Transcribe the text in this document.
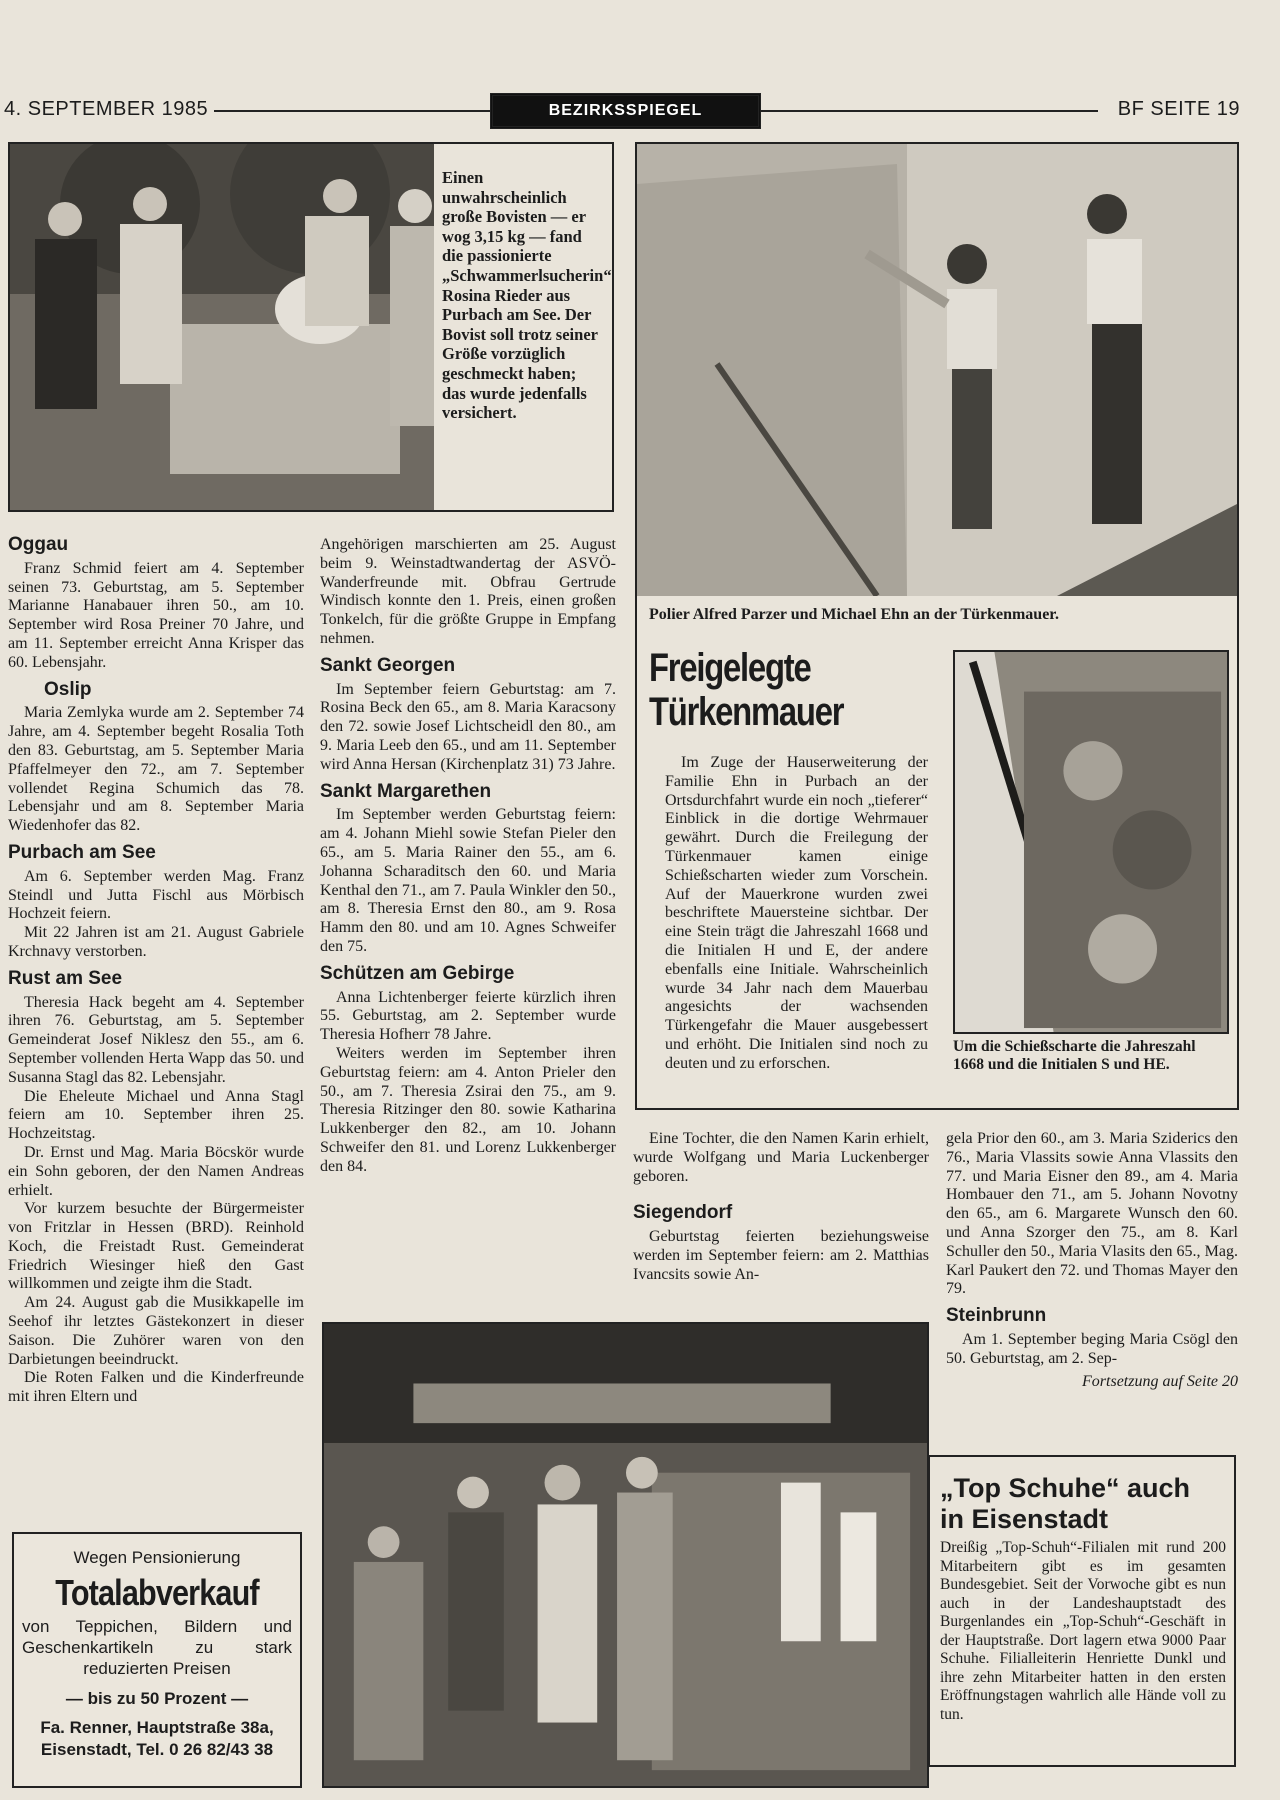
4. SEPTEMBER 1985	BEZIRKSSPIEGEL	BF SEITE 19
Einen unwahrscheinlich große Bovisten — er wog 3,15 kg — fand die passionierte „Schwammerlsucherin“ Rosina Rieder aus Purbach am See. Der Bovist soll trotz seiner Größe vorzüglich geschmeckt haben; das wurde jedenfalls versichert.
Polier Alfred Parzer und Michael Ehn an der Türkenmauer.
Freigelegte
Türkenmauer

Im Zuge der Hauserweiterung der Familie Ehn in Purbach an der Ortsdurchfahrt wurde ein noch „tieferer“ Einblick in die dortige Wehrmauer gewährt. Durch die Freilegung der Türkenmauer kamen einige Schießscharten wieder zum Vorschein. Auf der Mauerkrone wurden zwei beschriftete Mauersteine sichtbar. Der eine Stein trägt die Jahreszahl 1668 und die Initialen H und E, der andere ebenfalls eine Initiale. Wahrscheinlich wurde 34 Jahr nach dem Mauerbau angesichts der wachsenden Türkengefahr die Mauer ausgebessert und erhöht. Die Initialen sind noch zu deuten und zu erforschen.

Um die Schießscharte die Jahreszahl 1668 und die Initialen S und HE.
Oggau

Franz Schmid feiert am 4. September seinen 73. Geburtstag, am 5. September Marianne Hanabauer ihren 50., am 10. September wird Rosa Preiner 70 Jahre, und am 11. September erreicht Anna Krisper das 60. Lebensjahr.

Oslip

Maria Zemlyka wurde am 2. September 74 Jahre, am 4. September begeht Rosalia Toth den 83. Geburtstag, am 5. September Maria Pfaffelmeyer den 72., am 7. September vollendet Regina Schumich das 78. Lebensjahr und am 8. September Maria Wiedenhofer das 82.

Purbach am See

Am 6. September werden Mag. Franz Steindl und Jutta Fischl aus Mörbisch Hochzeit feiern.

Mit 22 Jahren ist am 21. August Gabriele Krchnavy verstorben.

Rust am See

Theresia Hack begeht am 4. September ihren 76. Geburtstag, am 5. September Gemeinderat Josef Niklesz den 55., am 6. September vollenden Herta Wapp das 50. und Susanna Stagl das 82. Lebensjahr.

Die Eheleute Michael und Anna Stagl feiern am 10. September ihren 25. Hochzeitstag.

Dr. Ernst und Mag. Maria Böcskör wurde ein Sohn geboren, der den Namen Andreas erhielt.

Vor kurzem besuchte der Bürgermeister von Fritzlar in Hessen (BRD). Reinhold Koch, die Freistadt Rust. Gemeinderat Friedrich Wiesinger hieß den Gast willkommen und zeigte ihm die Stadt.

Am 24. August gab die Musikkapelle im Seehof ihr letztes Gästekonzert in dieser Saison. Die Zuhörer waren von den Darbietungen beeindruckt.

Die Roten Falken und die Kinderfreunde mit ihren Eltern und

Wegen Pensionierung
Totalabverkauf
von Teppichen, Bildern und Geschenkartikeln zu stark reduzierten Preisen
— bis zu 50 Prozent —
Fa. Renner, Hauptstraße 38a, Eisenstadt, Tel. 0 26 82/43 38

Angehörigen marschierten am 25. August beim 9. Weinstadtwandertag der ASVÖ-Wanderfreunde mit. Obfrau Gertrude Windisch konnte den 1. Preis, einen großen Tonkelch, für die größte Gruppe in Empfang nehmen.

Sankt Georgen

Im September feiern Geburtstag: am 7. Rosina Beck den 65., am 8. Maria Karacsony den 72. sowie Josef Lichtscheidl den 80., am 9. Maria Leeb den 65., und am 11. September wird Anna Hersan (Kirchenplatz 31) 73 Jahre.

Sankt Margarethen

Im September werden Geburtstag feiern: am 4. Johann Miehl sowie Stefan Pieler den 65., am 5. Maria Rainer den 55., am 6. Johanna Scharaditsch den 60. und Maria Kenthal den 71., am 7. Paula Winkler den 50., am 8. Theresia Ernst den 80., am 9. Rosa Hamm den 80. und am 10. Agnes Schweifer den 75.

Schützen am Gebirge

Anna Lichtenberger feierte kürzlich ihren 55. Geburtstag, am 2. September wurde Theresia Hofherr 78 Jahre.

Weiters werden im September ihren Geburtstag feiern: am 4. Anton Prieler den 50., am 7. Theresia Zsirai den 75., am 9. Theresia Ritzinger den 80. sowie Katharina Lukkenberger den 82., am 10. Johann Schweifer den 81. und Lorenz Lukkenberger den 84.

Eine Tochter, die den Namen Karin erhielt, wurde Wolfgang und Maria Luckenberger geboren.

Siegendorf

Geburtstag feierten beziehungsweise werden im September feiern: am 2. Matthias Ivancsits sowie An-

gela Prior den 60., am 3. Maria Sziderics den 76., Maria Vlassits sowie Anna Vlassits den 77. und Maria Eisner den 89., am 4. Maria Hombauer den 71., am 5. Johann Novotny den 65., am 6. Margarete Wunsch den 60. und Anna Szorger den 75., am 8. Karl Schuller den 50., Maria Vlasits den 65., Mag. Karl Paukert den 72. und Thomas Mayer den 79.

Steinbrunn

Am 1. September beging Maria Csögl den 50. Geburtstag, am 2. Sep-

Fortsetzung auf Seite 20
„Top Schuhe“ auch
in Eisenstadt

Dreißig „Top-Schuh“-Filialen mit rund 200 Mitarbeitern gibt es im gesamten Bundesgebiet. Seit der Vorwoche gibt es nun auch in der Landeshauptstadt des Burgenlandes ein „Top-Schuh“-Geschäft in der Hauptstraße. Dort lagern etwa 9000 Paar Schuhe. Filialleiterin Henriette Dunkl und ihre zehn Mitarbeiter hatten in den ersten Eröffnungstagen wahrlich alle Hände voll zu tun.
